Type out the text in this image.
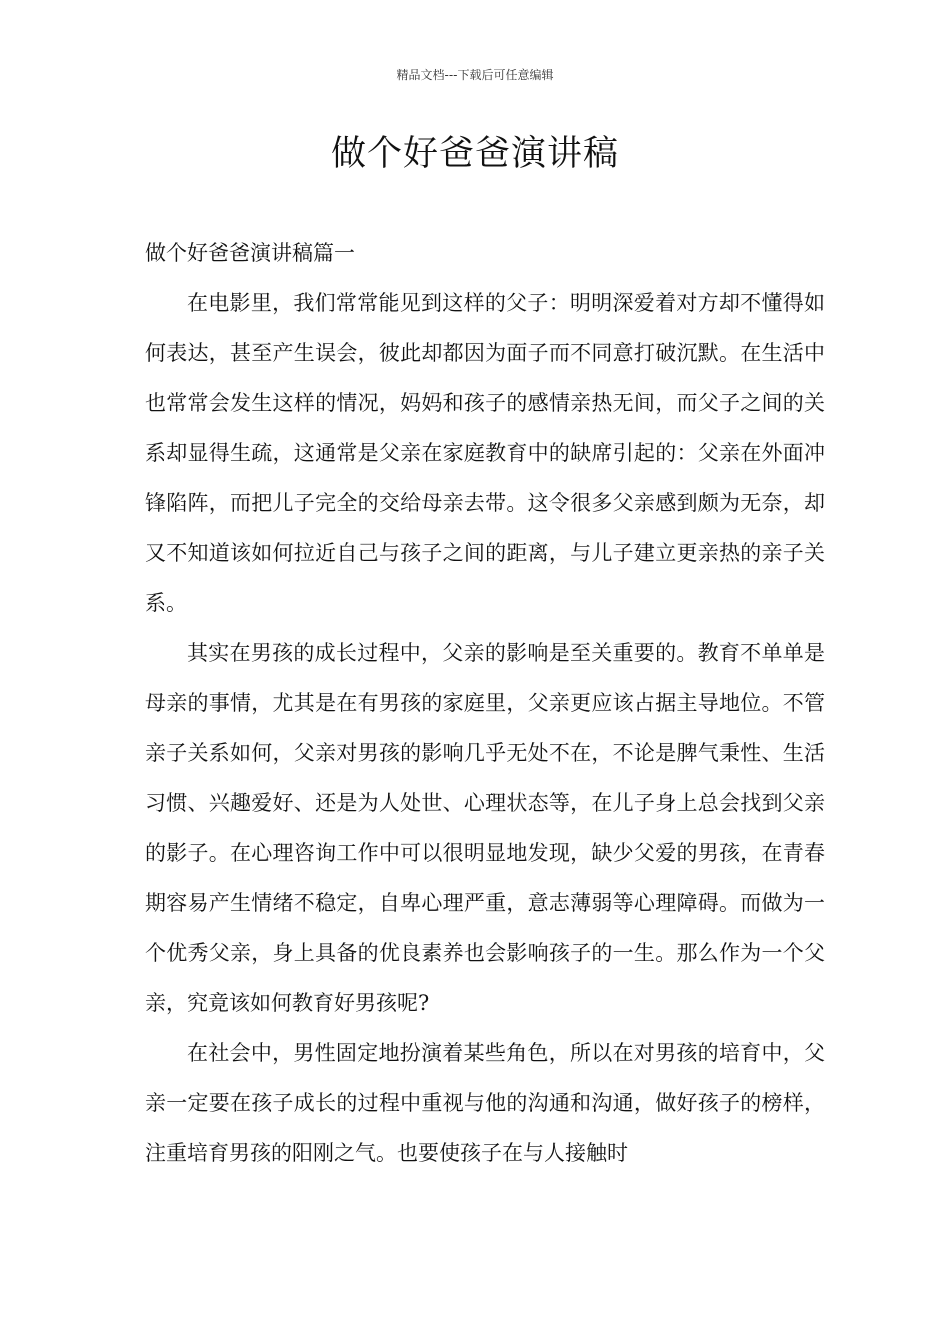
精品文档---下载后可任意编辑
做个好爸爸演讲稿

做个好爸爸演讲稿篇一

在电影里，我们常常能见到这样的父子：明明深爱着对方却不懂得如何表达，甚至产生误会，彼此却都因为面子而不同意打破沉默。在生活中也常常会发生这样的情况，妈妈和孩子的感情亲热无间，而父子之间的关系却显得生疏，这通常是父亲在家庭教育中的缺席引起的：父亲在外面冲锋陷阵，而把儿子完全的交给母亲去带。这令很多父亲感到颇为无奈，却又不知道该如何拉近自己与孩子之间的距离，与儿子建立更亲热的亲子关系。

其实在男孩的成长过程中，父亲的影响是至关重要的。教育不单单是母亲的事情，尤其是在有男孩的家庭里，父亲更应该占据主导地位。不管亲子关系如何，父亲对男孩的影响几乎无处不在，不论是脾气秉性、生活习惯、兴趣爱好、还是为人处世、心理状态等，在儿子身上总会找到父亲的影子。在心理咨询工作中可以很明显地发现，缺少父爱的男孩，在青春期容易产生情绪不稳定，自卑心理严重，意志薄弱等心理障碍。而做为一个优秀父亲，身上具备的优良素养也会影响孩子的一生。那么作为一个父亲，究竟该如何教育好男孩呢?

在社会中，男性固定地扮演着某些角色，所以在对男孩的培育中，父亲一定要在孩子成长的过程中重视与他的沟通和沟通，做好孩子的榜样，注重培育男孩的阳刚之气。也要使孩子在与人接触时
